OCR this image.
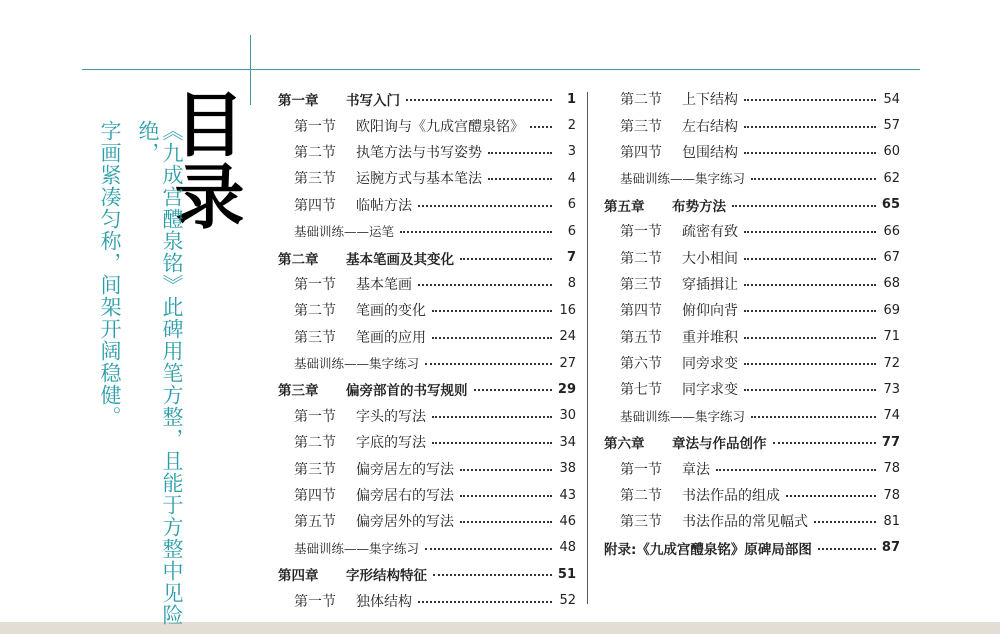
目录
《九成宫醴泉铭》此碑用笔方整，且能于方整中见险绝，
字画紧凑匀称，间架开阔稳健。
第一章	书写入门	1
第一节	欧阳询与《九成宫醴泉铭》	2
第二节	执笔方法与书写姿势	3
第三节	运腕方式与基本笔法	4
第四节	临帖方法	6
基础训练——运笔	6
第二章	基本笔画及其变化	7
第一节	基本笔画	8
第二节	笔画的变化	16
第三节	笔画的应用	24
基础训练——集字练习	27
第三章	偏旁部首的书写规则	29
第一节	字头的写法	30
第二节	字底的写法	34
第三节	偏旁居左的写法	38
第四节	偏旁居右的写法	43
第五节	偏旁居外的写法	46
基础训练——集字练习	48
第四章	字形结构特征	51
第一节	独体结构	52
第二节	上下结构	54
第三节	左右结构	57
第四节	包围结构	60
基础训练——集字练习	62
第五章	布势方法	65
第一节	疏密有致	66
第二节	大小相间	67
第三节	穿插揖让	68
第四节	俯仰向背	69
第五节	重并堆积	71
第六节	同旁求变	72
第七节	同字求变	73
基础训练——集字练习	74
第六章	章法与作品创作	77
第一节	章法	78
第二节	书法作品的组成	78
第三节	书法作品的常见幅式	81
附录:《九成宫醴泉铭》原碑局部图	87
